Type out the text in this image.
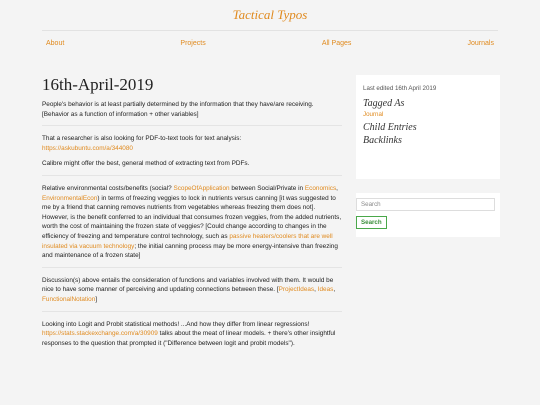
Tactical Typos
About	Projects	All Pages	Journals
16th-April-2019

People's behavior is at least partially determined by the information that they have/are receiving. [Behavior as a function of information + other variables]

That a researcher is also looking for PDF-to-text tools for text analysis:
https://askubuntu.com/a/344080

Calibre might offer the best, general method of extracting text from PDFs.

Relative environmental costs/benefits (social? ScopeOfApplication between Social/Private in Economics, EnvironmentalEcon) in terms of freezing veggies to lock in nutrients versus canning [it was suggested to me by a friend that canning removes nutrients from vegetables whereas freezing them does not]. However, is the benefit conferred to an individual that consumes frozen veggies, from the added nutrients, worth the cost of maintaining the frozen state of veggies? [Could change according to changes in the efficiency of freezing and temperature control technology, such as passive heaters/coolers that are well insulated via vacuum technology; the initial canning process may be more energy-intensive than freezing and maintenance of a frozen state]

Discussion(s) above entails the consideration of functions and variables involved with them. It would be nice to have some manner of perceiving and updating connections between these. [ProjectIdeas, Ideas, FunctionalNotation]

Looking into Logit and Probit statistical methods! ...And how they differ from linear regressions! https://stats.stackexchange.com/a/30909 talks about the meat of linear models. + there's other insightful responses to the question that prompted it ("Difference between logit and probit models").

Last edited 16th April 2019
Tagged As
Journal
Child Entries
Backlinks
Search
Search
